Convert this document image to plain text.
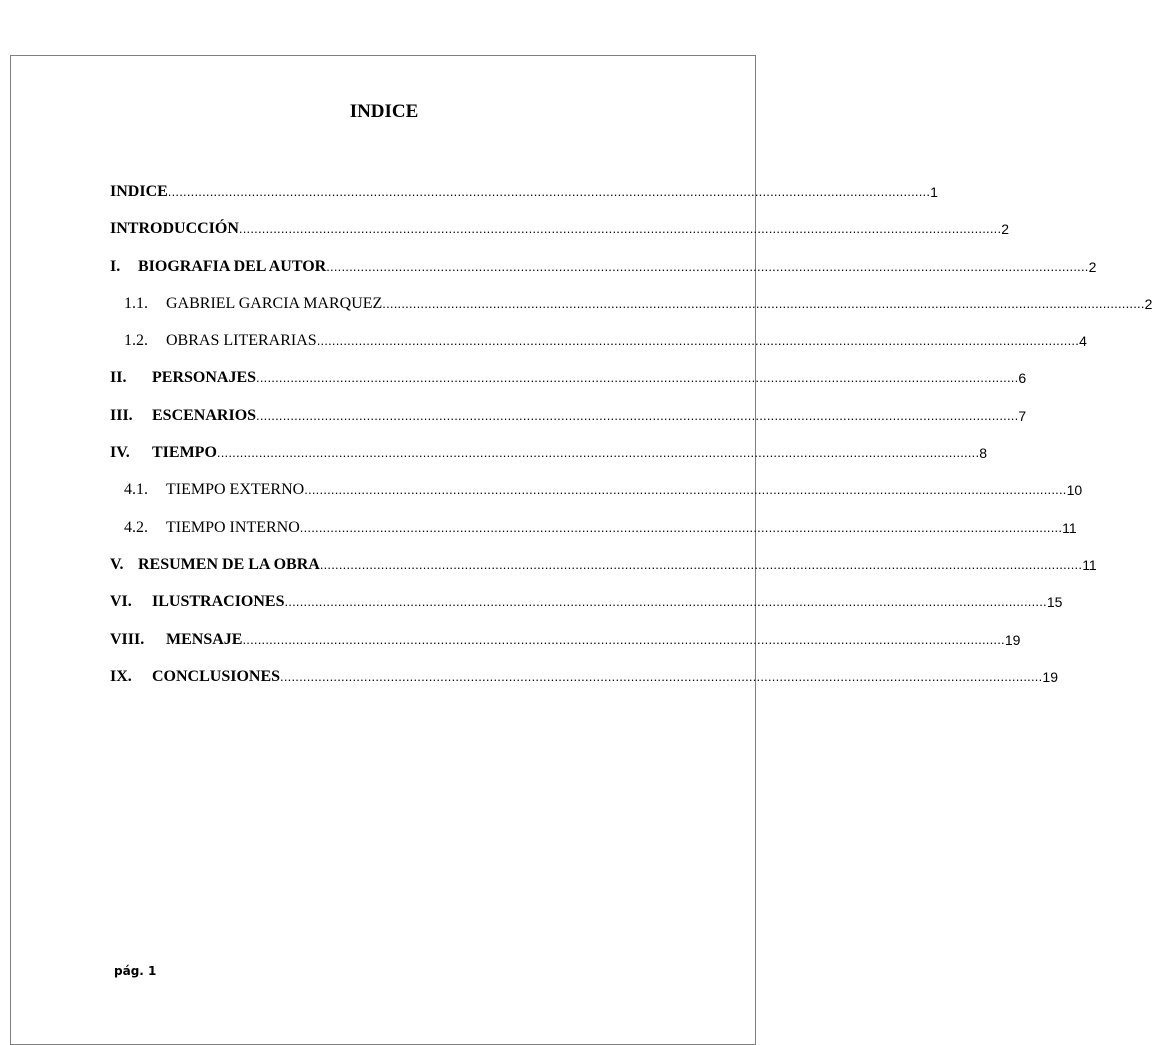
INDICE
INDICE ........................................................................................................................................................................................................ 1
INTRODUCCIÓN ........................................................................................................................................................................................................ 2
I.	BIOGRAFIA DEL AUTOR ........................................................................................................................................................................................................ 2
1.1.	GABRIEL GARCIA MARQUEZ ........................................................................................................................................................................................................ 2
1.2.	OBRAS LITERARIAS ........................................................................................................................................................................................................ 4
II.	PERSONAJES ........................................................................................................................................................................................................ 6
III.	ESCENARIOS ........................................................................................................................................................................................................ 7
IV.	TIEMPO ........................................................................................................................................................................................................ 8
4.1.	TIEMPO EXTERNO ........................................................................................................................................................................................................ 10
4.2.	TIEMPO INTERNO ........................................................................................................................................................................................................ 11
V. RESUMEN DE LA OBRA ........................................................................................................................................................................................................ 11
VI.	ILUSTRACIONES ........................................................................................................................................................................................................ 15
VIII.	MENSAJE ........................................................................................................................................................................................................ 19
IX.	CONCLUSIONES ........................................................................................................................................................................................................ 19
pág. 1
